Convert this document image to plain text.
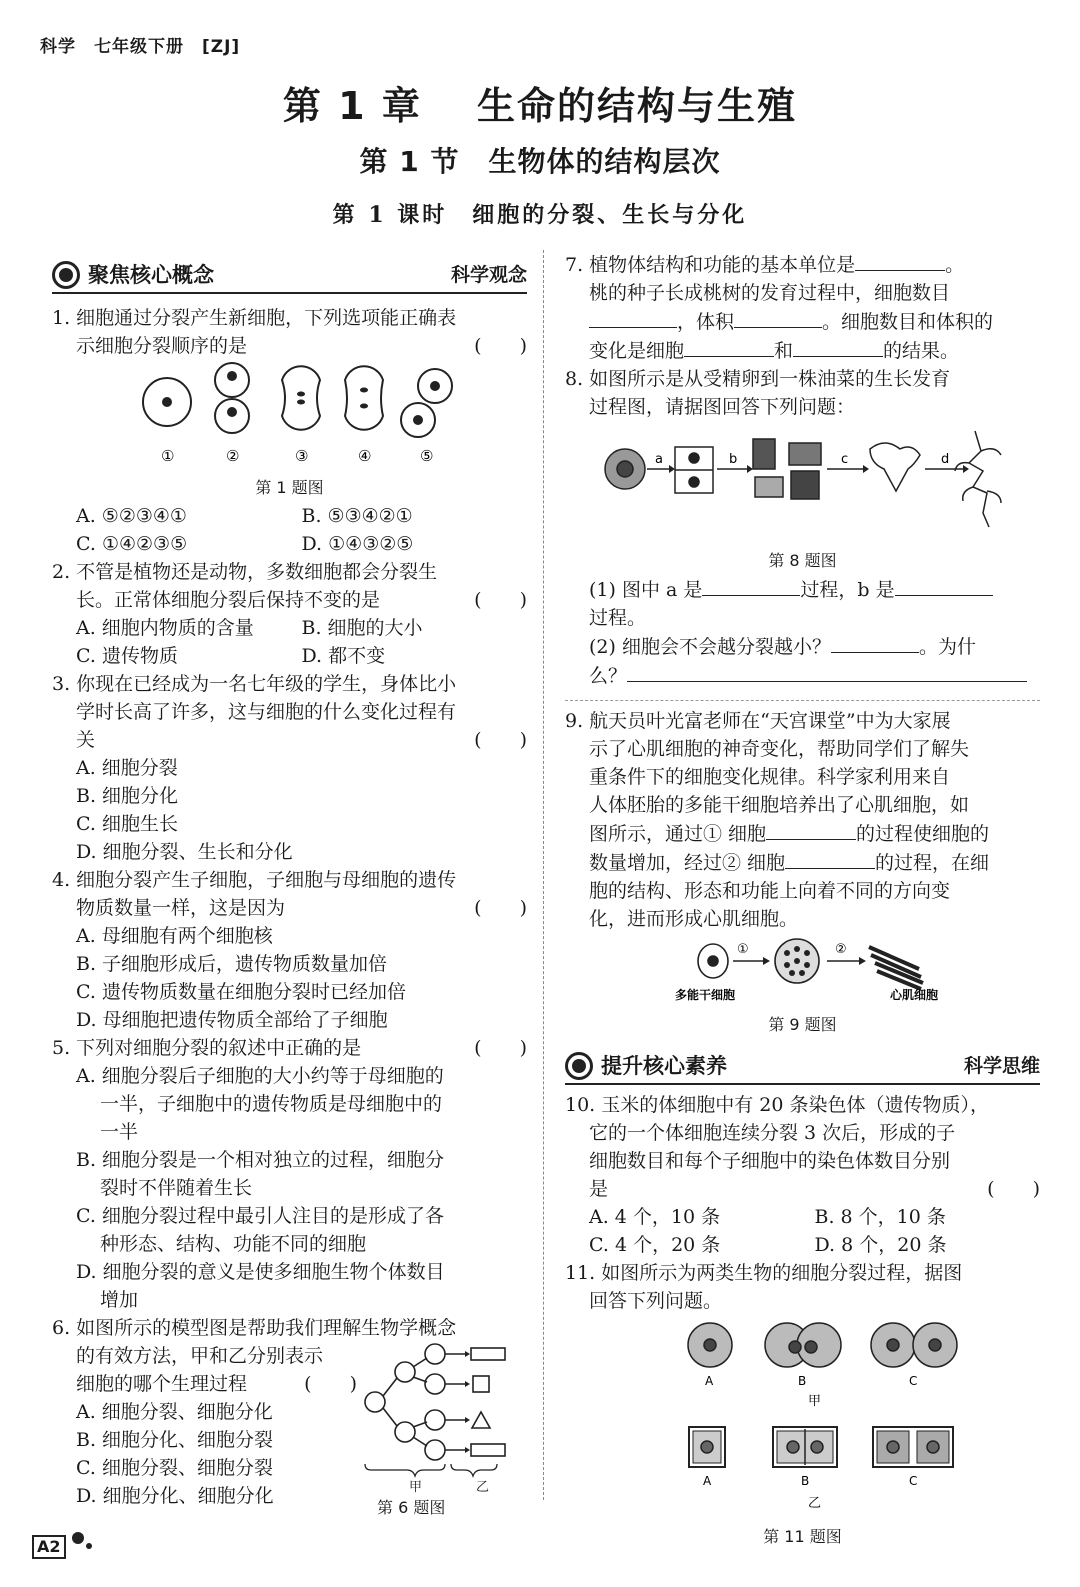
科学　七年级下册　[ZJ]
第 1 章　 生命的结构与生殖
第 1 节　生物体的结构层次
第 1 课时　细胞的分裂、生长与分化
聚焦核心概念	科学观念
1. 细胞通过分裂产生新细胞，下列选项能正确表
示细胞分裂顺序的是	(　　)
①	②	③	④	⑤
第 1 题图
A. ⑤②③④①	B. ⑤③④②①
C. ①④②③⑤	D. ①④③②⑤
2. 不管是植物还是动物，多数细胞都会分裂生
长。正常体细胞分裂后保持不变的是	(　　)
A. 细胞内物质的含量	B. 细胞的大小
C. 遗传物质	D. 都不变
3. 你现在已经成为一名七年级的学生，身体比小
学时长高了许多，这与细胞的什么变化过程有
关	(　　)
A. 细胞分裂
B. 细胞分化
C. 细胞生长
D. 细胞分裂、生长和分化
4. 细胞分裂产生子细胞，子细胞与母细胞的遗传
物质数量一样，这是因为	(　　)
A. 母细胞有两个细胞核
B. 子细胞形成后，遗传物质数量加倍
C. 遗传物质数量在细胞分裂时已经加倍
D. 母细胞把遗传物质全部给了子细胞
5. 下列对细胞分裂的叙述中正确的是	(　　)
A. 细胞分裂后子细胞的大小约等于母细胞的
一半，子细胞中的遗传物质是母细胞中的
一半
B. 细胞分裂是一个相对独立的过程，细胞分
裂时不伴随着生长
C. 细胞分裂过程中最引人注目的是形成了各
种形态、结构、功能不同的细胞
D. 细胞分裂的意义是使多细胞生物个体数目
增加
6. 如图所示的模型图是帮助我们理解生物学概念
的有效方法，甲和乙分别表示
细胞的哪个生理过程	(　　)
A. 细胞分裂、细胞分化
B. 细胞分化、细胞分裂
C. 细胞分裂、细胞分裂
D. 细胞分化、细胞分化	甲	乙
第 6 题图
7. 植物体结构和功能的基本单位是	。
桃的种子长成桃树的发育过程中，细胞数目
，体积	。细胞数目和体积的
变化是细胞	和	的结果。
8. 如图所示是从受精卵到一株油菜的生长发育
过程图，请据图回答下列问题：
a	b	c	d
第 8 题图
(1) 图中 a 是	过程，b 是
过程。
(2) 细胞会不会越分裂越小？	。为什
么？
9. 航天员叶光富老师在“天宫课堂”中为大家展
示了心肌细胞的神奇变化，帮助同学们了解失
重条件下的细胞变化规律。科学家利用来自
人体胚胎的多能干细胞培养出了心肌细胞，如
图所示，通过① 细胞	的过程使细胞的
数量增加，经过② 细胞	的过程，在细
胞的结构、形态和功能上向着不同的方向变
化，进而形成心肌细胞。
①	②
多能干细胞	心肌细胞
第 9 题图
提升核心素养	科学思维
10. 玉米的体细胞中有 20 条染色体（遗传物质），
它的一个体细胞连续分裂 3 次后，形成的子
细胞数目和每个子细胞中的染色体数目分别
是	(　　)
A. 4 个，10 条	B. 8 个，10 条
C. 4 个，20 条	D. 8 个，20 条
11. 如图所示为两类生物的细胞分裂过程，据图
回答下列问题。
A	B	C
甲
A	B	C
乙
第 11 题图
A2
